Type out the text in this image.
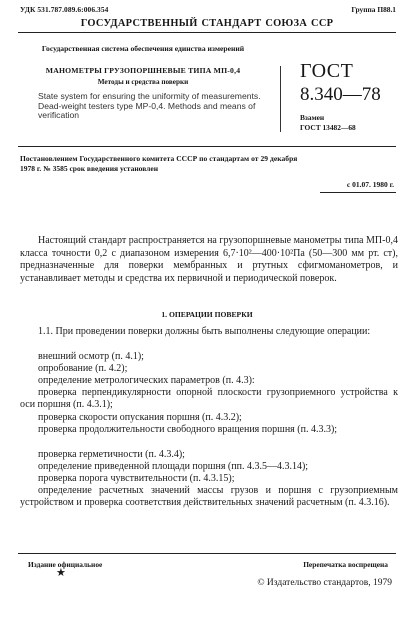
УДК 531.787.089.6:006.354	Группа П88.1
ГОСУДАРСТВЕННЫЙ СТАНДАРТ СОЮЗА ССР
Государственная система обеспечения единства измерений
МАНОМЕТРЫ ГРУЗОПОРШНЕВЫЕ ТИПА МП-0,4
Методы и средства поверки
State system for ensuring the uniformity of measurements. Dead-weight testers type MP-0,4. Methods and means of verification
ГОСТ
8.340—78
Взамен
ГОСТ 13482—68
Постановлением Государственного комитета СССР по стандартам от 29 декабря
1978 г. № 3585 срок введения установлен
с 01.07. 1980 г.
Настоящий стандарт распространяется на грузопоршневые манометры типа МП-0,4 класса точности 0,2 с диапазоном измерения 6,7·10²—400·10²Па (50—300 мм рт. ст), предназначенные для поверки мембранных и ртутных сфигмоманометров, и устанавливает методы и средства их первичной и периодической поверок.
1. ОПЕРАЦИИ ПОВЕРКИ
1.1. При проведении поверки должны быть выполнены следующие операции:
внешний осмотр (п. 4.1);
опробование (п. 4.2);
определение метрологических параметров (п. 4.3):
проверка перпендикулярности опорной плоскости грузоприемного устройства к оси поршня (п. 4.3.1);
проверка скорости опускания поршня (п. 4.3.2);
проверка продолжительности свободного вращения поршня (п. 4.3.3);
проверка герметичности (п. 4.3.4);
определение приведенной площади поршня (пп. 4.3.5—4.3.14);
проверка порога чувствительности (п. 4.3.15);
определение расчетных значений массы грузов и поршня с грузоприемным устройством и проверка соответствия действительных значений расчетным (п. 4.3.16).
Издание официальное	Перепечатка воспрещена
★
© Издательство стандартов, 1979
